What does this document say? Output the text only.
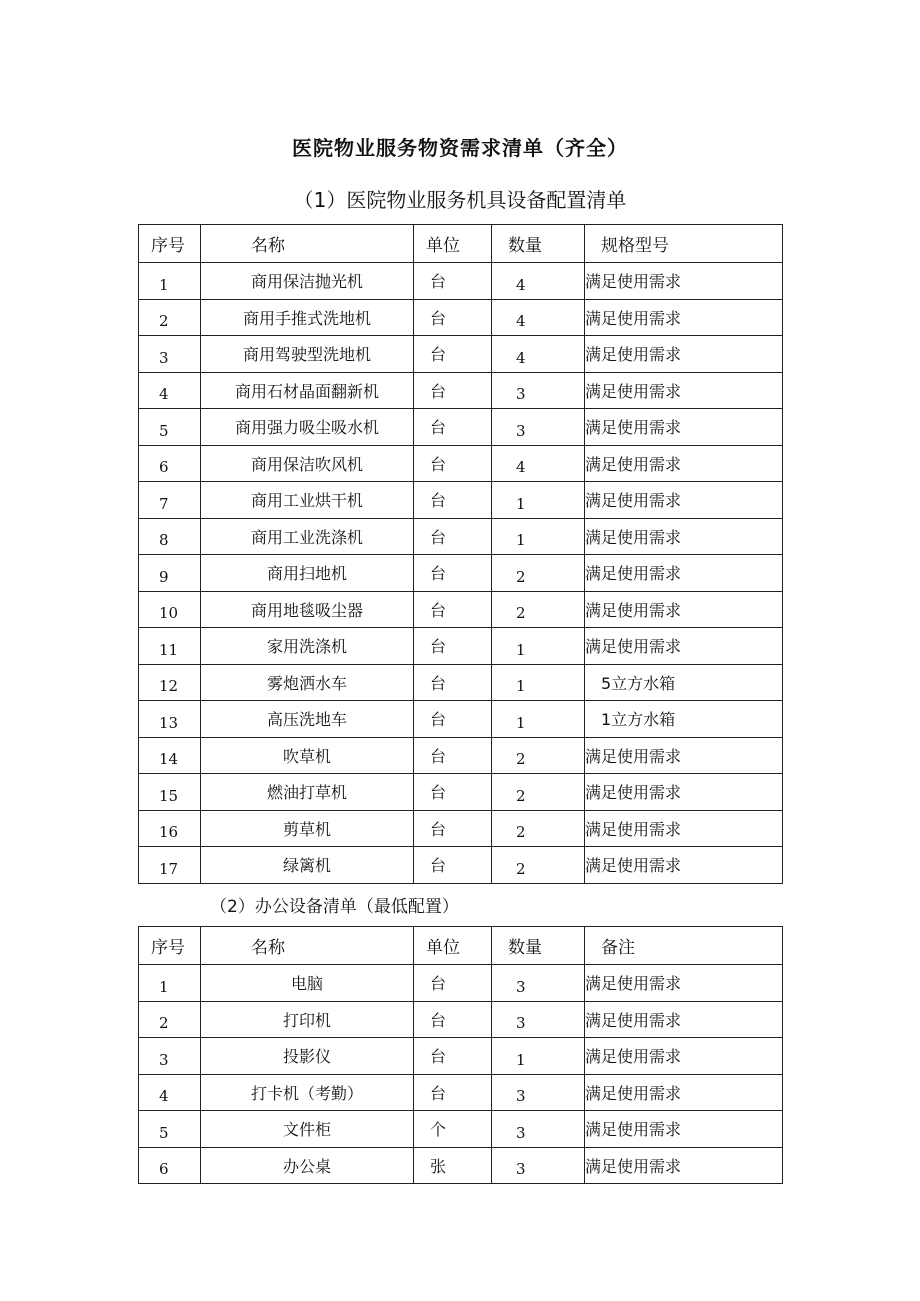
医院物业服务物资需求清单（齐全）
（1）医院物业服务机具设备配置清单
序号	名称	单位	数量	规格型号
1	商用保洁抛光机	台	4	满足使用需求
2	商用手推式洗地机	台	4	满足使用需求
3	商用驾驶型洗地机	台	4	满足使用需求
4	商用石材晶面翻新机	台	3	满足使用需求
5	商用强力吸尘吸水机	台	3	满足使用需求
6	商用保洁吹风机	台	4	满足使用需求
7	商用工业烘干机	台	1	满足使用需求
8	商用工业洗涤机	台	1	满足使用需求
9	商用扫地机	台	2	满足使用需求
10	商用地毯吸尘器	台	2	满足使用需求
11	家用洗涤机	台	1	满足使用需求
12	雾炮洒水车	台	1	5立方水箱
13	高压洗地车	台	1	1立方水箱
14	吹草机	台	2	满足使用需求
15	燃油打草机	台	2	满足使用需求
16	剪草机	台	2	满足使用需求
17	绿篱机	台	2	满足使用需求
（2）办公设备清单（最低配置）
序号	名称	单位	数量	备注
1	电脑	台	3	满足使用需求
2	打印机	台	3	满足使用需求
3	投影仪	台	1	满足使用需求
4	打卡机（考勤）	台	3	满足使用需求
5	文件柜	个	3	满足使用需求
6	办公桌	张	3	满足使用需求
